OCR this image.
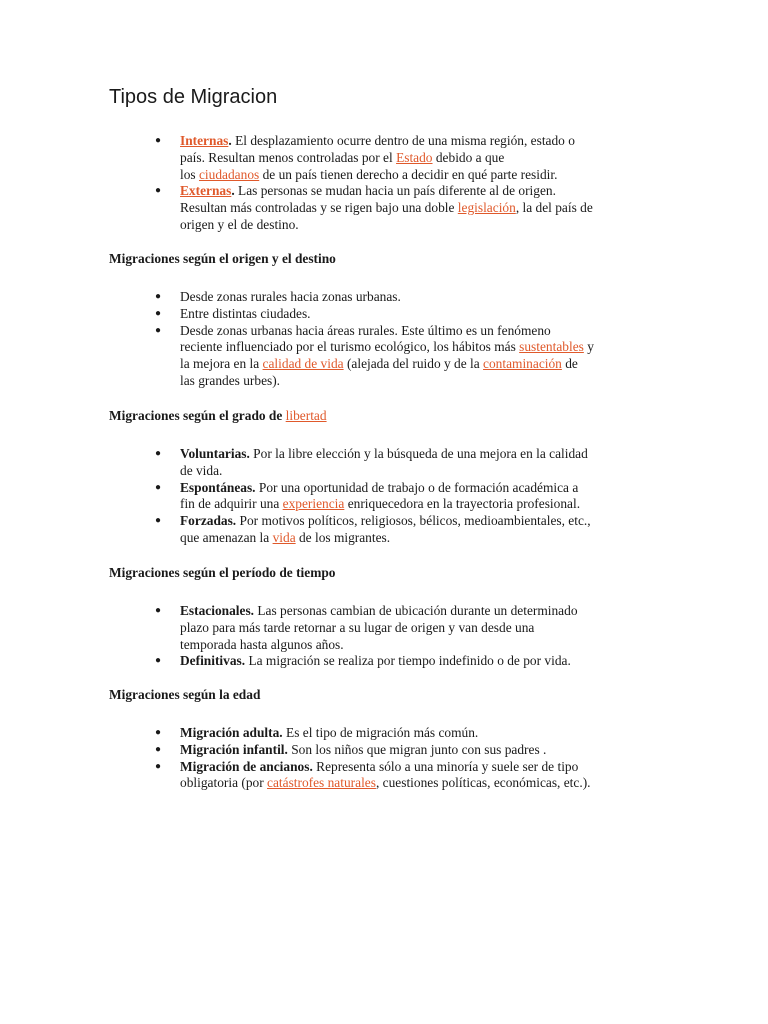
Tipos de Migracion
● Internas. El desplazamiento ocurre dentro de una misma región, estado o
país. Resultan menos controladas por el Estado debido a que
los ciudadanos de un país tienen derecho a decidir en qué parte residir.
● Externas. Las personas se mudan hacia un país diferente al de origen.
Resultan más controladas y se rigen bajo una doble legislación, la del país de
origen y el de destino.
Migraciones según el origen y el destino
● Desde zonas rurales hacia zonas urbanas.
● Entre distintas ciudades.
● Desde zonas urbanas hacia áreas rurales. Este último es un fenómeno
reciente influenciado por el turismo ecológico, los hábitos más sustentables y
la mejora en la calidad de vida (alejada del ruido y de la contaminación de
las grandes urbes).
Migraciones según el grado de libertad
● Voluntarias. Por la libre elección y la búsqueda de una mejora en la calidad
de vida.
● Espontáneas. Por una oportunidad de trabajo o de formación académica a
fin de adquirir una experiencia enriquecedora en la trayectoria profesional.
● Forzadas. Por motivos políticos, religiosos, bélicos, medioambientales, etc.,
que amenazan la vida de los migrantes.
Migraciones según el período de tiempo
● Estacionales. Las personas cambian de ubicación durante un determinado
plazo para más tarde retornar a su lugar de origen y van desde una
temporada hasta algunos años.
● Definitivas. La migración se realiza por tiempo indefinido o de por vida.
Migraciones según la edad
● Migración adulta. Es el tipo de migración más común.
● Migración infantil. Son los niños que migran junto con sus padres .
● Migración de ancianos. Representa sólo a una minoría y suele ser de tipo
obligatoria (por catástrofes naturales, cuestiones políticas, económicas, etc.).
